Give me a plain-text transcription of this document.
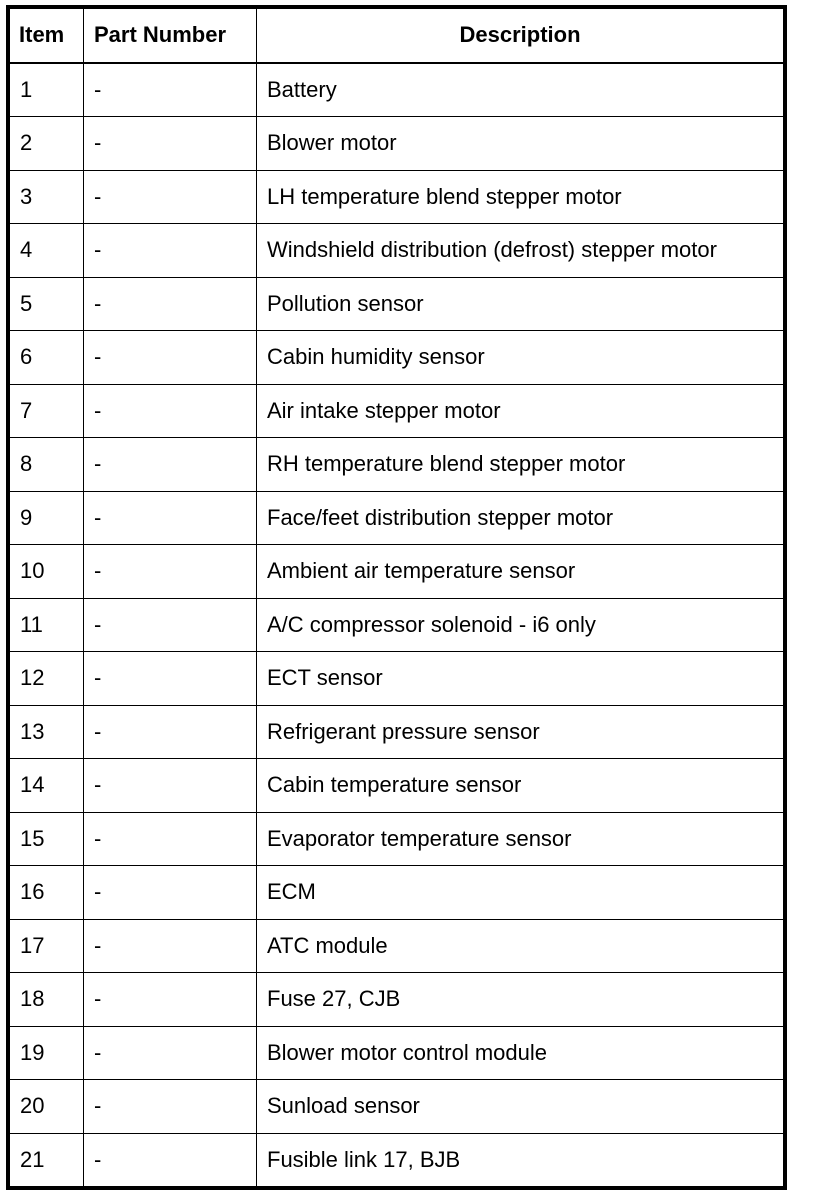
Item	Part Number	Description
1	-	Battery
2	-	Blower motor
3	-	LH temperature blend stepper motor
4	-	Windshield distribution (defrost) stepper motor
5	-	Pollution sensor
6	-	Cabin humidity sensor
7	-	Air intake stepper motor
8	-	RH temperature blend stepper motor
9	-	Face/feet distribution stepper motor
10	-	Ambient air temperature sensor
11	-	A/C compressor solenoid - i6 only
12	-	ECT sensor
13	-	Refrigerant pressure sensor
14	-	Cabin temperature sensor
15	-	Evaporator temperature sensor
16	-	ECM
17	-	ATC module
18	-	Fuse 27, CJB
19	-	Blower motor control module
20	-	Sunload sensor
21	-	Fusible link 17, BJB
